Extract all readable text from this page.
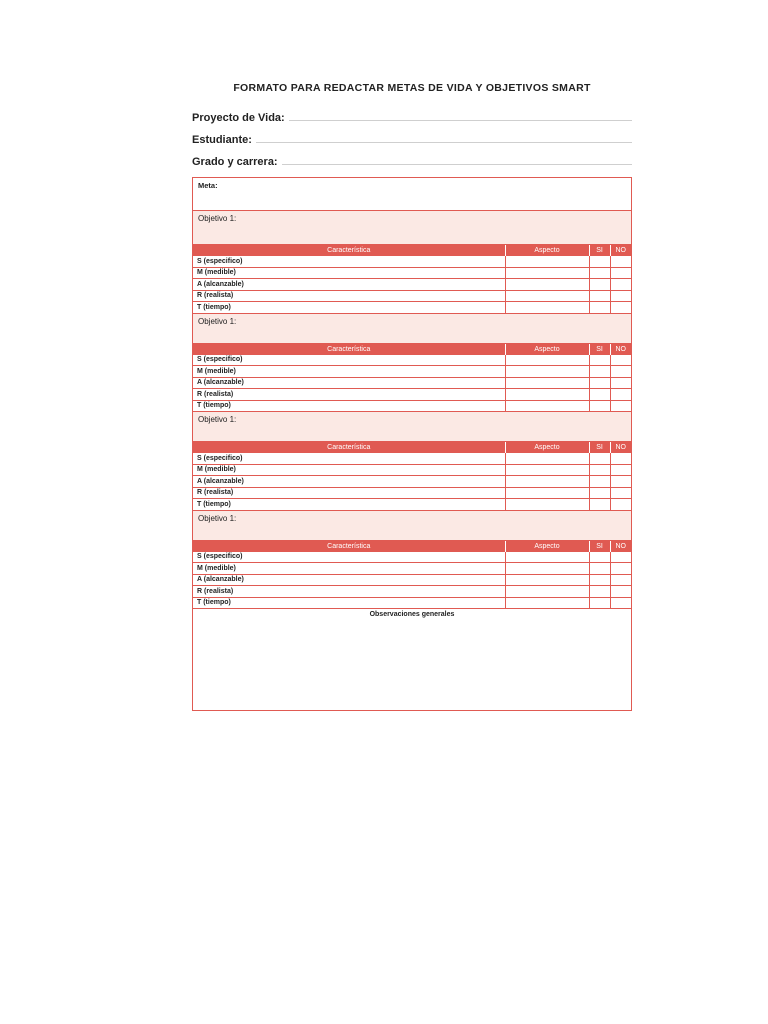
FORMATO PARA REDACTAR METAS DE VIDA Y OBJETIVOS SMART
Proyecto de Vida:
Estudiante:
Grado y carrera:
Meta:
Objetivo 1:
Característica	Aspecto	SI	NO
S (especifico)			
M (medible)			
A (alcanzable)			
R (realista)			
T (tiempo)			
Objetivo 1:
Característica	Aspecto	SI	NO
S (especifico)			
M (medible)			
A (alcanzable)			
R (realista)			
T (tiempo)			
Objetivo 1:
Característica	Aspecto	SI	NO
S (especifico)			
M (medible)			
A (alcanzable)			
R (realista)			
T (tiempo)			
Objetivo 1:
Característica	Aspecto	SI	NO
S (especifico)			
M (medible)			
A (alcanzable)			
R (realista)			
T (tiempo)			
Observaciones generales
